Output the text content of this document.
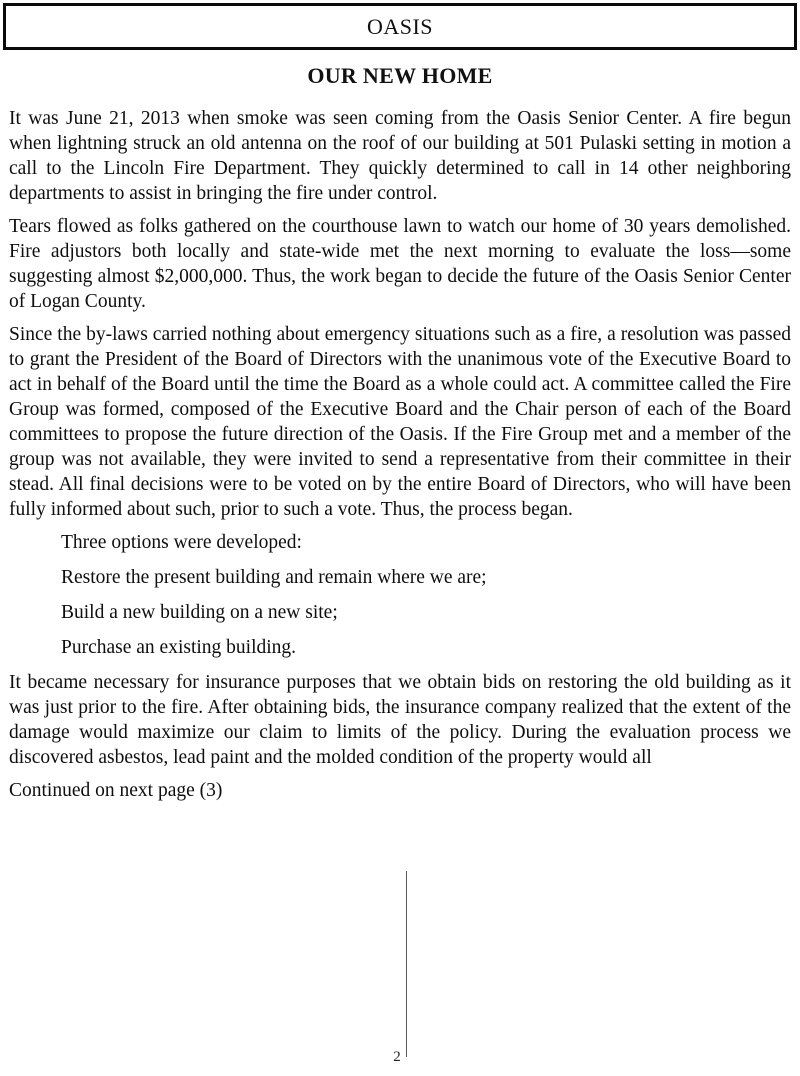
OASIS
OUR NEW HOME

It was June 21, 2013 when smoke was seen coming from the Oasis Senior Center. A fire begun when lightning struck an old antenna on the roof of our building at 501 Pulaski setting in motion a call to the Lincoln Fire Department. They quickly determined to call in 14 other neighboring departments to assist in bringing the fire under control.

Tears flowed as folks gathered on the courthouse lawn to watch our home of 30 years demolished. Fire adjustors both locally and state-wide met the next morning to evaluate the loss—some suggesting almost $2,000,000. Thus, the work began to decide the future of the Oasis Senior Center of Logan County.

Since the by-laws carried nothing about emergency situations such as a fire, a resolution was passed to grant the President of the Board of Directors with the unanimous vote of the Executive Board to act in behalf of the Board until the time the Board as a whole could act. A committee called the Fire Group was formed, composed of the Executive Board and the Chair person of each of the Board committees to propose the future direction of the Oasis. If the Fire Group met and a member of the group was not available, they were invited to send a representative from their committee in their stead. All final decisions were to be voted on by the entire Board of Directors, who will have been fully informed about such, prior to such a vote. Thus, the process began.

Three options were developed:

Restore the present building and remain where we are;

Build a new building on a new site;

Purchase an existing building.

It became necessary for insurance purposes that we obtain bids on restoring the old building as it was just prior to the fire. After obtaining bids, the insurance company realized that the extent of the damage would maximize our claim to limits of the policy. During the evaluation process we discovered asbestos, lead paint and the molded condition of the property would all

Continued on next page (3)

2
